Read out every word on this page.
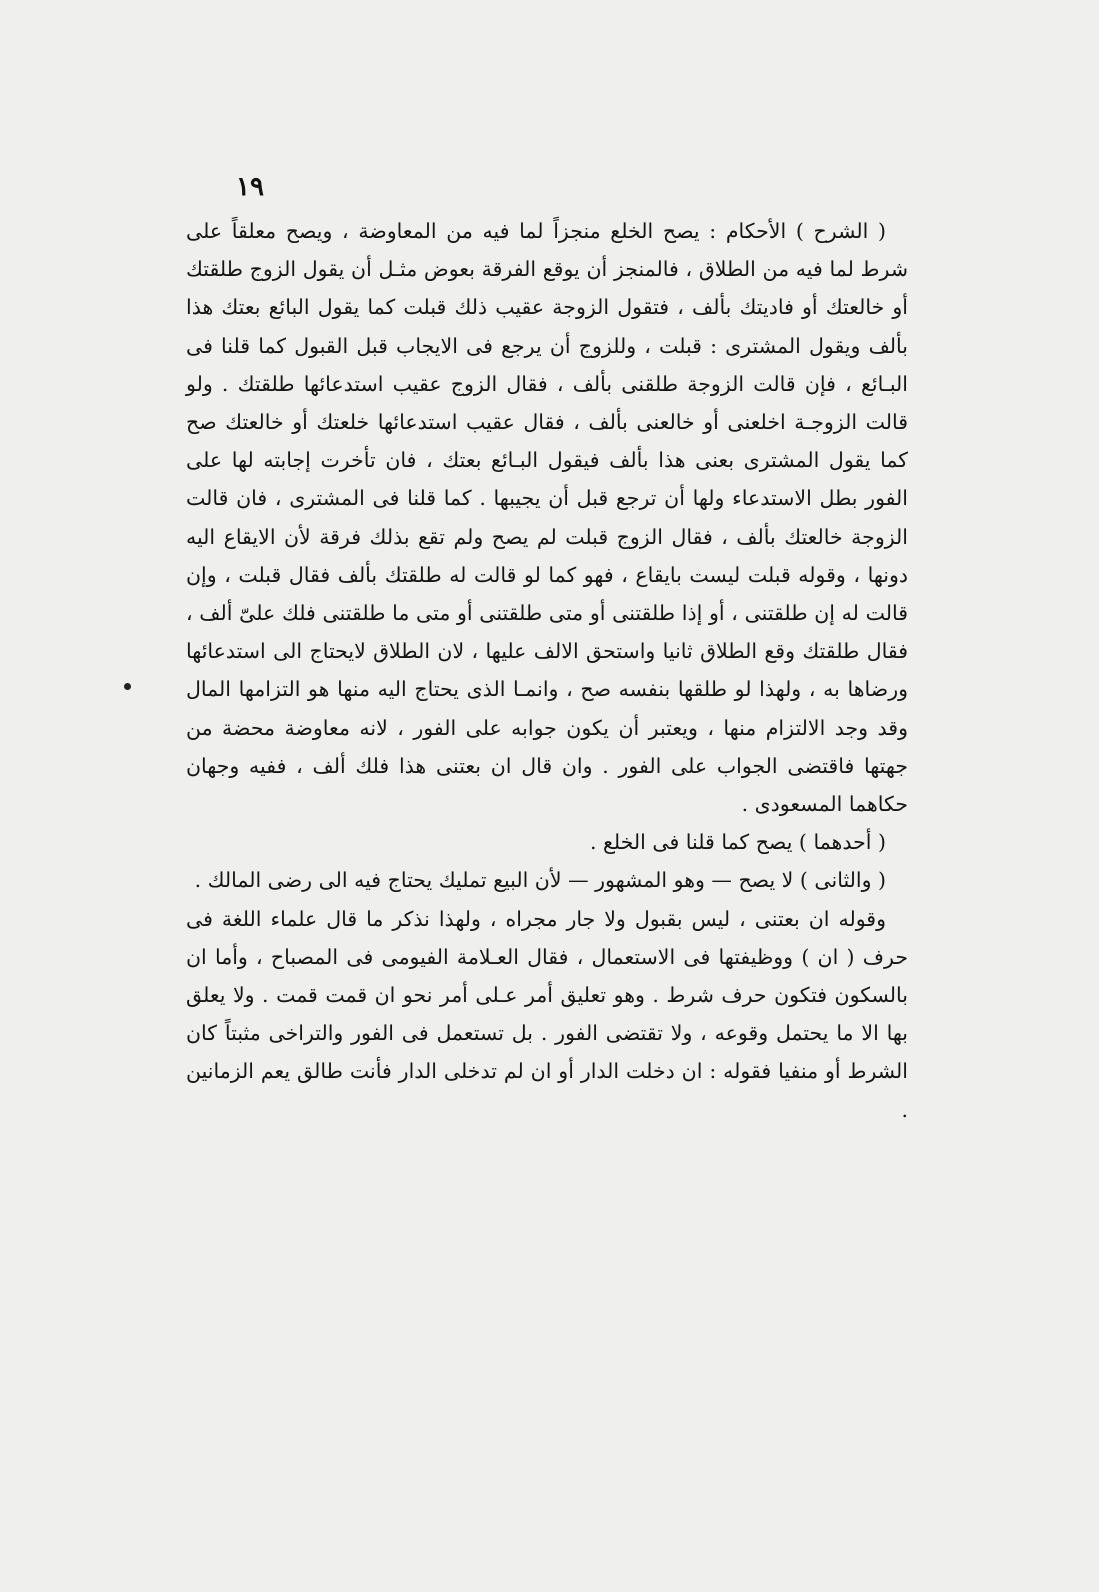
١٩

( الشرح ) الأحكام : يصح الخلع منجزاً لما فيه من المعاوضة ، ويصح معلقاً على شرط لما فيه من الطلاق ، فالمنجز أن يوقع الفرقة بعوض مثـل أن يقول الزوج طلقتك أو خالعتك أو فاديتك بألف ، فتقول الزوجة عقيب ذلك قبلت كما يقول البائع بعتك هذا بألف ويقول المشترى : قبلت ، وللزوج أن يرجع فى الايجاب قبل القبول كما قلنا فى البـائع ، فإن قالت الزوجة طلقنى بألف ، فقال الزوج عقيب استدعائها طلقتك . ولو قالت الزوجـة اخلعنى أو خالعنى بألف ، فقال عقيب استدعائها خلعتك أو خالعتك صح كما يقول المشترى بعنى هذا بألف فيقول البـائع بعتك ، فان تأخرت إجابته لها على الفور بطل الاستدعاء ولها أن ترجع قبل أن يجيبها . كما قلنا فى المشترى ، فان قالت الزوجة خالعتك بألف ، فقال الزوج قبلت لم يصح ولم تقع بذلك فرقة لأن الايقاع اليه دونها ، وقوله قبلت ليست بايقاع ، فهو كما لو قالت له طلقتك بألف فقال قبلت ، وإن قالت له إن طلقتنى ، أو إذا طلقتنى أو متى طلقتنى أو متى ما طلقتنى فلك علىّ ألف ، فقال طلقتك وقع الطلاق ثانيا واستحق الالف عليها ، لان الطلاق لايحتاج الى استدعائها ورضاها به ، ولهذا لو طلقها بنفسه صح ، وانمـا الذى يحتاج اليه منها هو التزامها المال وقد وجد الالتزام منها ، ويعتبر أن يكون جوابه على الفور ، لانه معاوضة محضة من جهتها فاقتضى الجواب على الفور . وان قال ان بعتنى هذا فلك ألف ، ففيه وجهان حكاهما المسعودى .

( أحدهما ) يصح كما قلنا فى الخلع .

( والثانى ) لا يصح — وهو المشهور — لأن البيع تمليك يحتاج فيه الى رضى المالك .

وقوله ان بعتنى ، ليس بقبول ولا جار مجراه ، ولهذا نذكر ما قال علماء اللغة فى حرف ( ان ) ووظيفتها فى الاستعمال ، فقال العـلامة الفيومى فى المصباح ، وأما ان بالسكون فتكون حرف شرط . وهو تعليق أمر عـلى أمر نحو ان قمت قمت . ولا يعلق بها الا ما يحتمل وقوعه ، ولا تقتضى الفور . بل تستعمل فى الفور والتراخى مثبتاً كان الشرط أو منفيا فقوله : ان دخلت الدار أو ان لم تدخلى الدار فأنت طالق يعم الزمانين .
